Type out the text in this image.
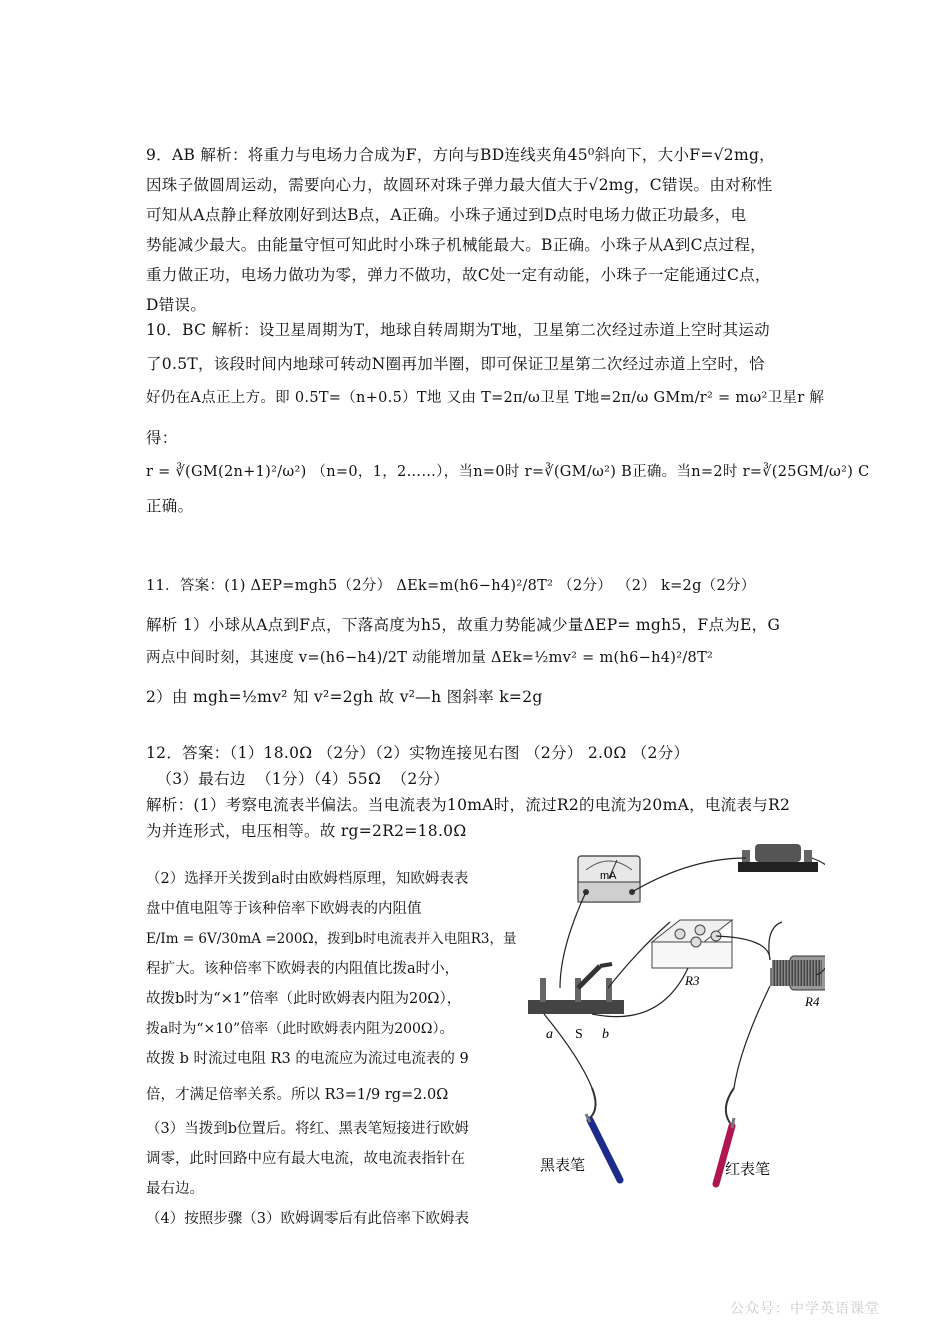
9．AB 解析：将重力与电场力合成为F，方向与BD连线夹角45⁰斜向下，大小F=√2mg，
因珠子做圆周运动，需要向心力，故圆环对珠子弹力最大值大于√2mg，C错误。由对称性
可知从A点静止释放刚好到达B点，A正确。小珠子通过到D点时电场力做正功最多，电
势能减少最大。由能量守恒可知此时小珠子机械能最大。B正确。小珠子从A到C点过程，
重力做正功，电场力做功为零，弹力不做功，故C处一定有动能，小珠子一定能通过C点，
D错误。
10．BC 解析：设卫星周期为T，地球自转周期为T地，卫星第二次经过赤道上空时其运动
了0.5T，该段时间内地球可转动N圈再加半圈，即可保证卫星第二次经过赤道上空时，恰
好仍在A点正上方。即 0.5T=（n+0.5）T地 又由 T=2π/ω卫星 T地=2π/ω GMm/r² = mω²卫星r 解
得：
r = ∛(GM(2n+1)²/ω²) （n=0，1，2……），当n=0时 r=∛(GM/ω²) B正确。当n=2时 r=∛(25GM/ω²) C
正确。
11．答案：(1) ΔEP=mgh5（2分） ΔEk=m(h6−h4)²/8T² （2分） （2） k=2g（2分）
解析 1）小球从A点到F点，下落高度为h5，故重力势能减少量ΔEP= mgh5，F点为E，G
两点中间时刻，其速度 v=(h6−h4)/2T 动能增加量 ΔEk=½mv² = m(h6−h4)²/8T²
2）由 mgh=½mv² 知 v²=2gh 故 v²—h 图斜率 k=2g
12．答案：（1）18.0Ω （2分）（2）实物连接见右图 （2分） 2.0Ω （2分）
（3）最右边  （1分）（4）55Ω  （2分）
解析：(1）考察电流表半偏法。当电流表为10mA时，流过R2的电流为20mA，电流表与R2
为并连形式，电压相等。故 rg=2R2=18.0Ω
（2）选择开关拨到a时由欧姆档原理，知欧姆表表
盘中值电阻等于该种倍率下欧姆表的内阻值
E/Im = 6V/30mA =200Ω，拨到b时电流表并入电阻R3，量
程扩大。该种倍率下欧姆表的内阻值比拨a时小，
故拨b时为“×1”倍率（此时欧姆表内阻为20Ω），
拨a时为“×10”倍率（此时欧姆表内阻为200Ω）。
故拨 b 时流过电阻 R3 的电流应为流过电流表的 9
倍，才满足倍率关系。所以 R3=1/9 rg=2.0Ω
（3）当拨到b位置后。将红、黑表笔短接进行欧姆
调零，此时回路中应有最大电流，故电流表指针在
最右边。
（4）按照步骤（3）欧姆调零后有此倍率下欧姆表
mA
R3
R4
a S b
黑表笔	红表笔
公众号：中学英语课堂
